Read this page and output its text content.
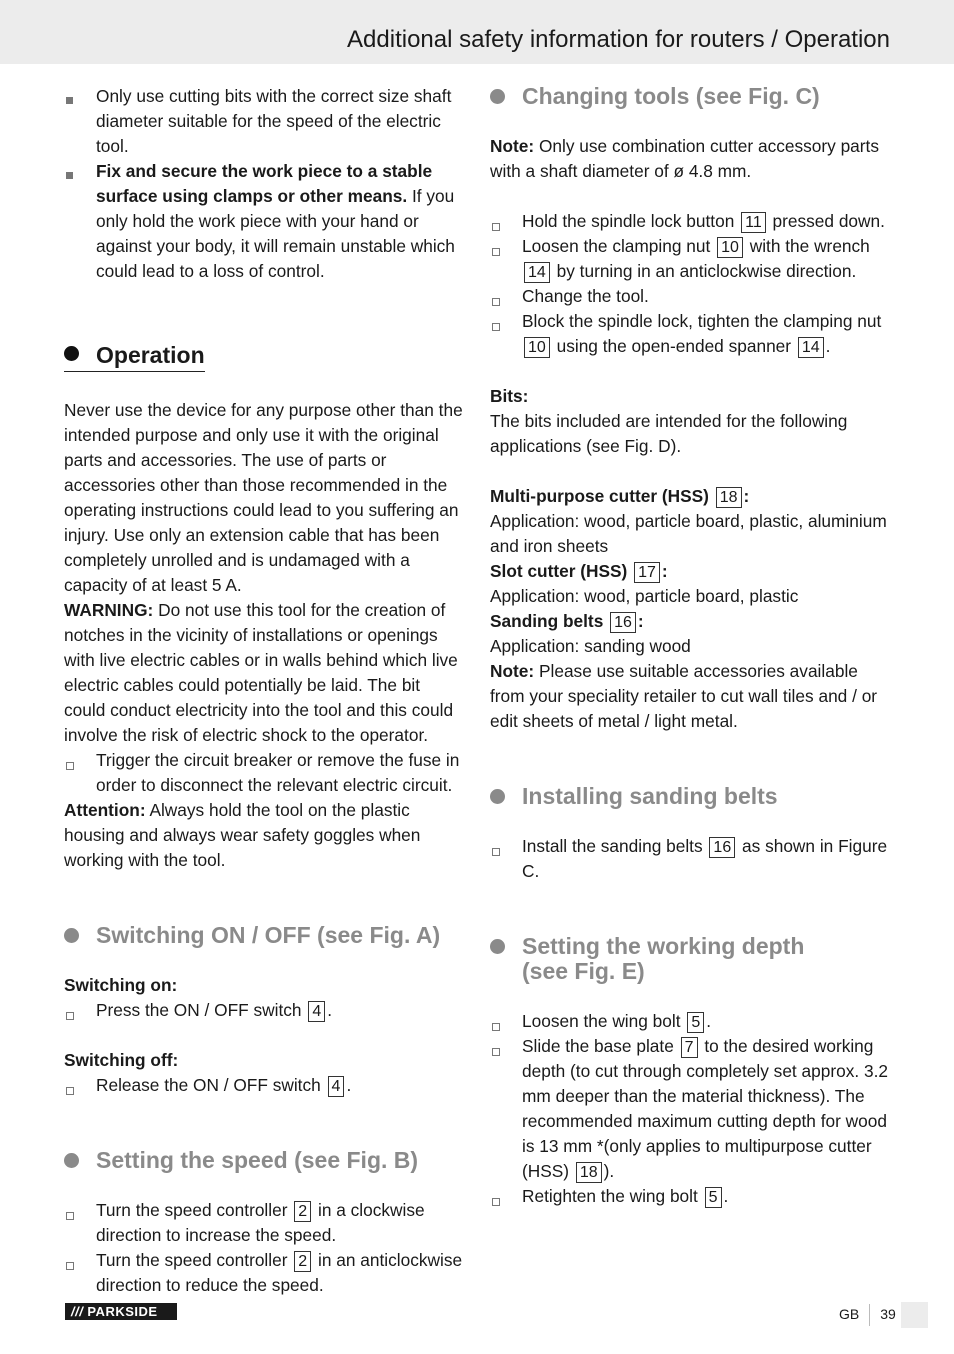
Additional safety information for routers / Operation
Only use cutting bits with the correct size shaft diameter suitable for the speed of the electric tool.
Fix and secure the work piece to a stable surface using clamps or other means. If you only hold the work piece with your hand or against your body, it will remain unstable which could lead to a loss of control.
Operation

Never use the device for any purpose other than the intended purpose and only use it with the original parts and accessories. The use of parts or accessories other than those recommended in the operating instructions could lead to you suffering an injury. Use only an extension cable that has been completely unrolled and is undamaged with a capacity of at least 5 A.

WARNING: Do not use this tool for the creation of notches in the vicinity of installations or openings with live electric cables or in walls behind which live electric cables could potentially be laid. The bit could conduct electricity into the tool and this could involve the risk of electric shock to the operator.

Trigger the circuit breaker or remove the fuse in order to disconnect the relevant electric circuit.

Attention: Always hold the tool on the plastic housing and always wear safety goggles when working with the tool.

Switching ON / OFF (see Fig. A)

Switching on:

Press the ON / OFF switch 4 .

Switching off:

Release the ON / OFF switch 4 .
Setting the speed (see Fig. B)
Turn the speed controller 2 in a clockwise direction to increase the speed.
Turn the speed controller 2 in an anticlockwise direction to reduce the speed.
Changing tools (see Fig. C)

Note: Only use combination cutter accessory parts with a shaft diameter of ø 4.8 mm.

Hold the spindle lock button 11 pressed down.
Loosen the clamping nut 10 with the wrench 14 by turning in an anticlockwise direction.
Change the tool.
Block the spindle lock, tighten the clamping nut 10 using the open-ended spanner 14 .

Bits:

The bits included are intended for the following applications (see Fig. D).

Multi-purpose cutter (HSS) 18 :

Application: wood, particle board, plastic, aluminium and iron sheets

Slot cutter (HSS) 17 :

Application: wood, particle board, plastic

Sanding belts 16 :

Application: sanding wood

Note: Please use suitable accessories available from your speciality retailer to cut wall tiles and / or edit sheets of metal / light metal.

Installing sanding belts
Install the sanding belts 16 as shown in Figure C.
Setting the working depth
(see Fig. E)
Loosen the wing bolt 5 .
Slide the base plate 7 to the desired working depth (to cut through completely set approx. 3.2 mm deeper than the material thickness). The recommended maximum cutting depth for wood is 13 mm *(only applies to multipurpose cutter (HSS) 18 ).
Retighten the wing bolt 5 .
/// PARKSIDE	GB 39
